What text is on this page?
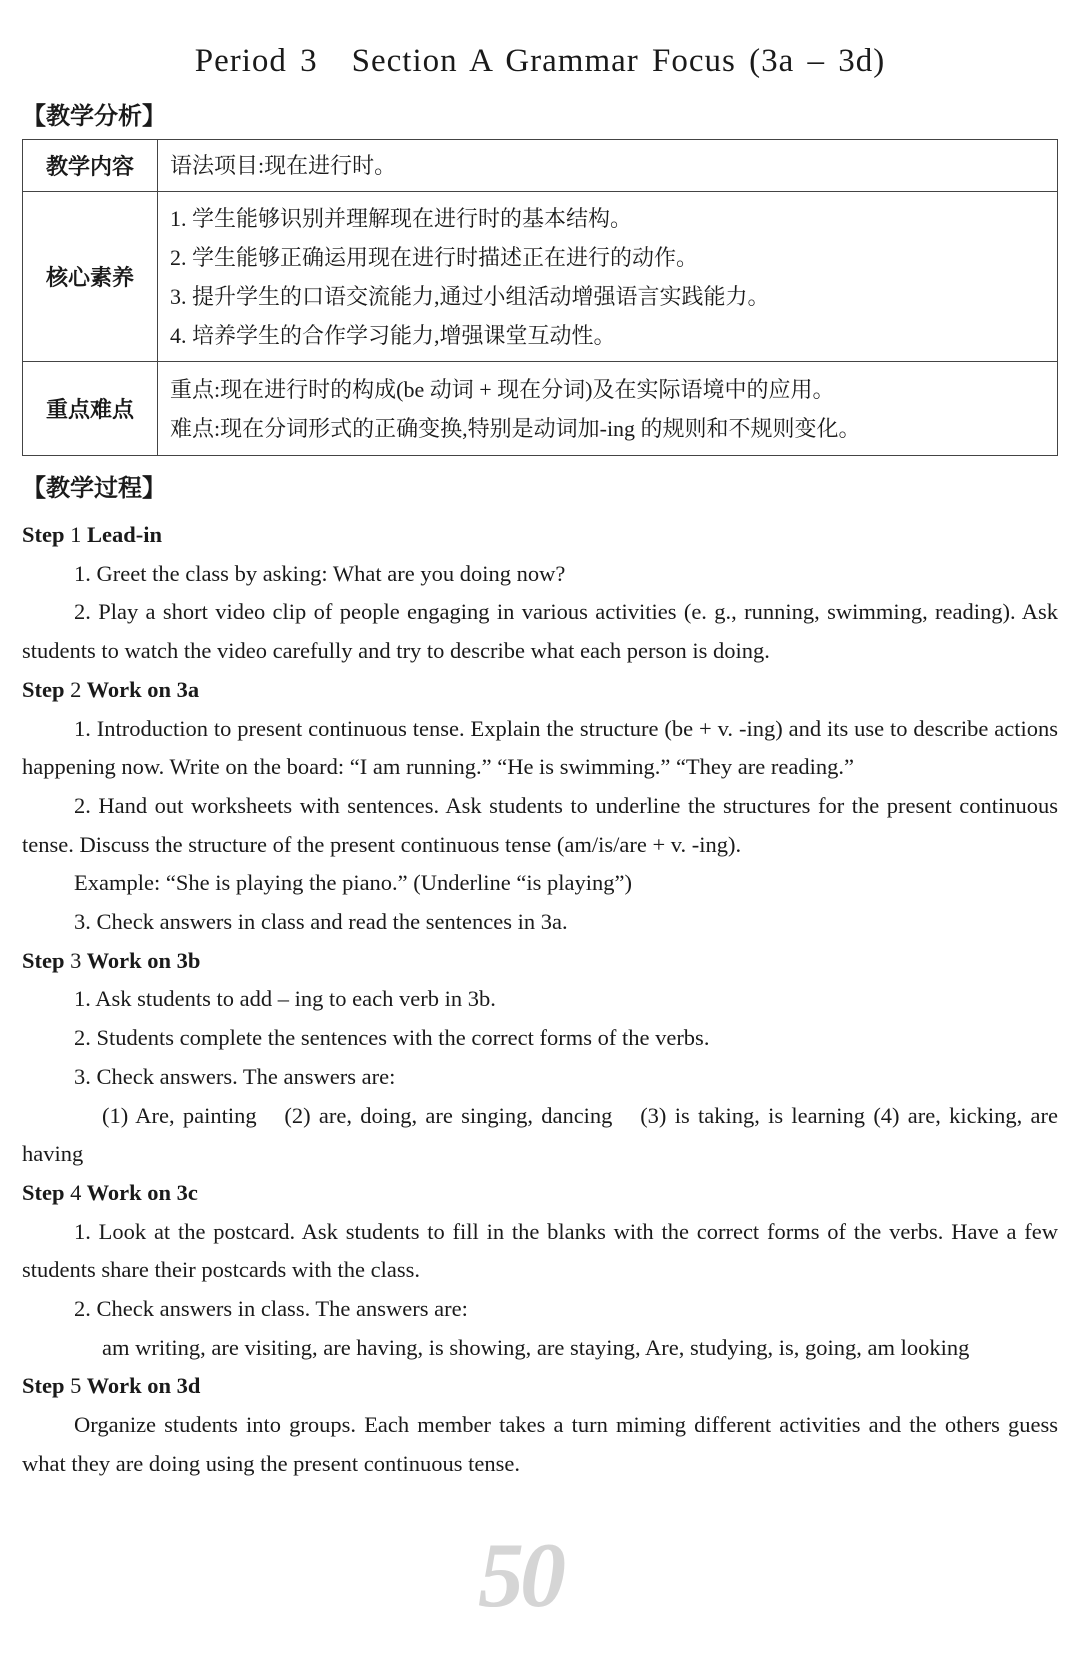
Period 3　Section A Grammar Focus (3a – 3d)
【教学分析】
教学内容	语法项目:现在进行时。

核心素养	1. 学生能够识别并理解现在进行时的基本结构。
2. 学生能够正确运用现在进行时描述正在进行的动作。
3. 提升学生的口语交流能力,通过小组活动增强语言实践能力。
4. 培养学生的合作学习能力,增强课堂互动性。

重点难点	重点:现在进行时的构成(be 动词 + 现在分词)及在实际语境中的应用。
难点:现在分词形式的正确变换,特别是动词加-ing 的规则和不规则变化。
【教学过程】

Step 1 Lead-in

1. Greet the class by asking: What are you doing now?

2. Play a short video clip of people engaging in various activities (e. g., running, swimming, reading). Ask students to watch the video carefully and try to describe what each person is doing.

Step 2 Work on 3a

1. Introduction to present continuous tense. Explain the structure (be + v. -ing) and its use to describe actions happening now. Write on the board: “I am running.” “He is swimming.” “They are reading.”

2. Hand out worksheets with sentences. Ask students to underline the structures for the present continuous tense. Discuss the structure of the present continuous tense (am/is/are + v. -ing).

Example: “She is playing the piano.” (Underline “is playing”)

3. Check answers in class and read the sentences in 3a.

Step 3 Work on 3b

1. Ask students to add – ing to each verb in 3b.

2. Students complete the sentences with the correct forms of the verbs.

3. Check answers. The answers are:

(1) Are, painting　(2) are, doing, are singing, dancing　(3) is taking, is learning (4) are, kicking, are having

Step 4 Work on 3c

1. Look at the postcard. Ask students to fill in the blanks with the correct forms of the verbs. Have a few students share their postcards with the class.

2. Check answers in class. The answers are:

am writing, are visiting, are having, is showing, are staying, Are, studying, is, going, am looking

Step 5 Work on 3d

Organize students into groups. Each member takes a turn miming different activities and the others guess what they are doing using the present continuous tense.

50
